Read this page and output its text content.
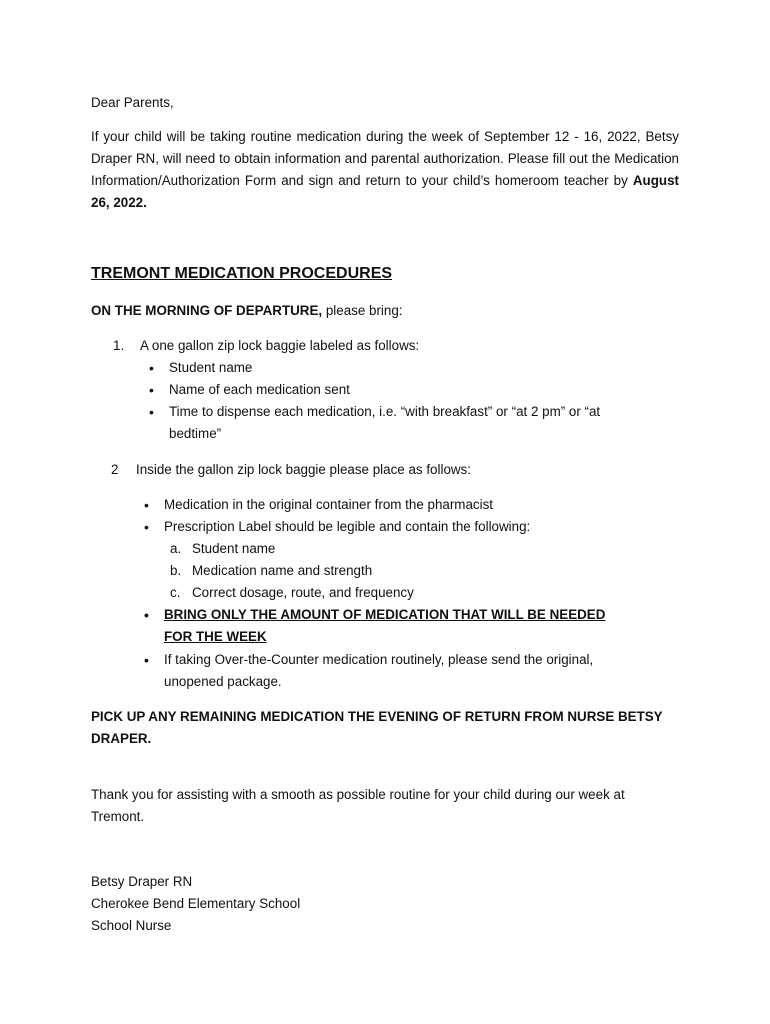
Dear Parents,
If your child will be taking routine medication during the week of September 12 - 16, 2022, Betsy Draper RN, will need to obtain information and parental authorization. Please fill out the Medication Information/Authorization Form and sign and return to your child’s homeroom teacher by August 26, 2022.
TREMONT MEDICATION PROCEDURES
ON THE MORNING OF DEPARTURE, please bring:
1. A one gallon zip lock baggie labeled as follows:
• Student name
• Name of each medication sent
• Time to dispense each medication, i.e. “with breakfast” or “at 2 pm” or “at
bedtime”
2 Inside the gallon zip lock baggie please place as follows:
• Medication in the original container from the pharmacist
• Prescription Label should be legible and contain the following:
a. Student name
b. Medication name and strength
c. Correct dosage, route, and frequency
• BRING ONLY THE AMOUNT OF MEDICATION THAT WILL BE NEEDED
FOR THE WEEK
• If taking Over-the-Counter medication routinely, please send the original,
unopened package.
PICK UP ANY REMAINING MEDICATION THE EVENING OF RETURN FROM NURSE BETSY
DRAPER.
Thank you for assisting with a smooth as possible routine for your child during our week at
Tremont.
Betsy Draper RN
Cherokee Bend Elementary School
School Nurse
